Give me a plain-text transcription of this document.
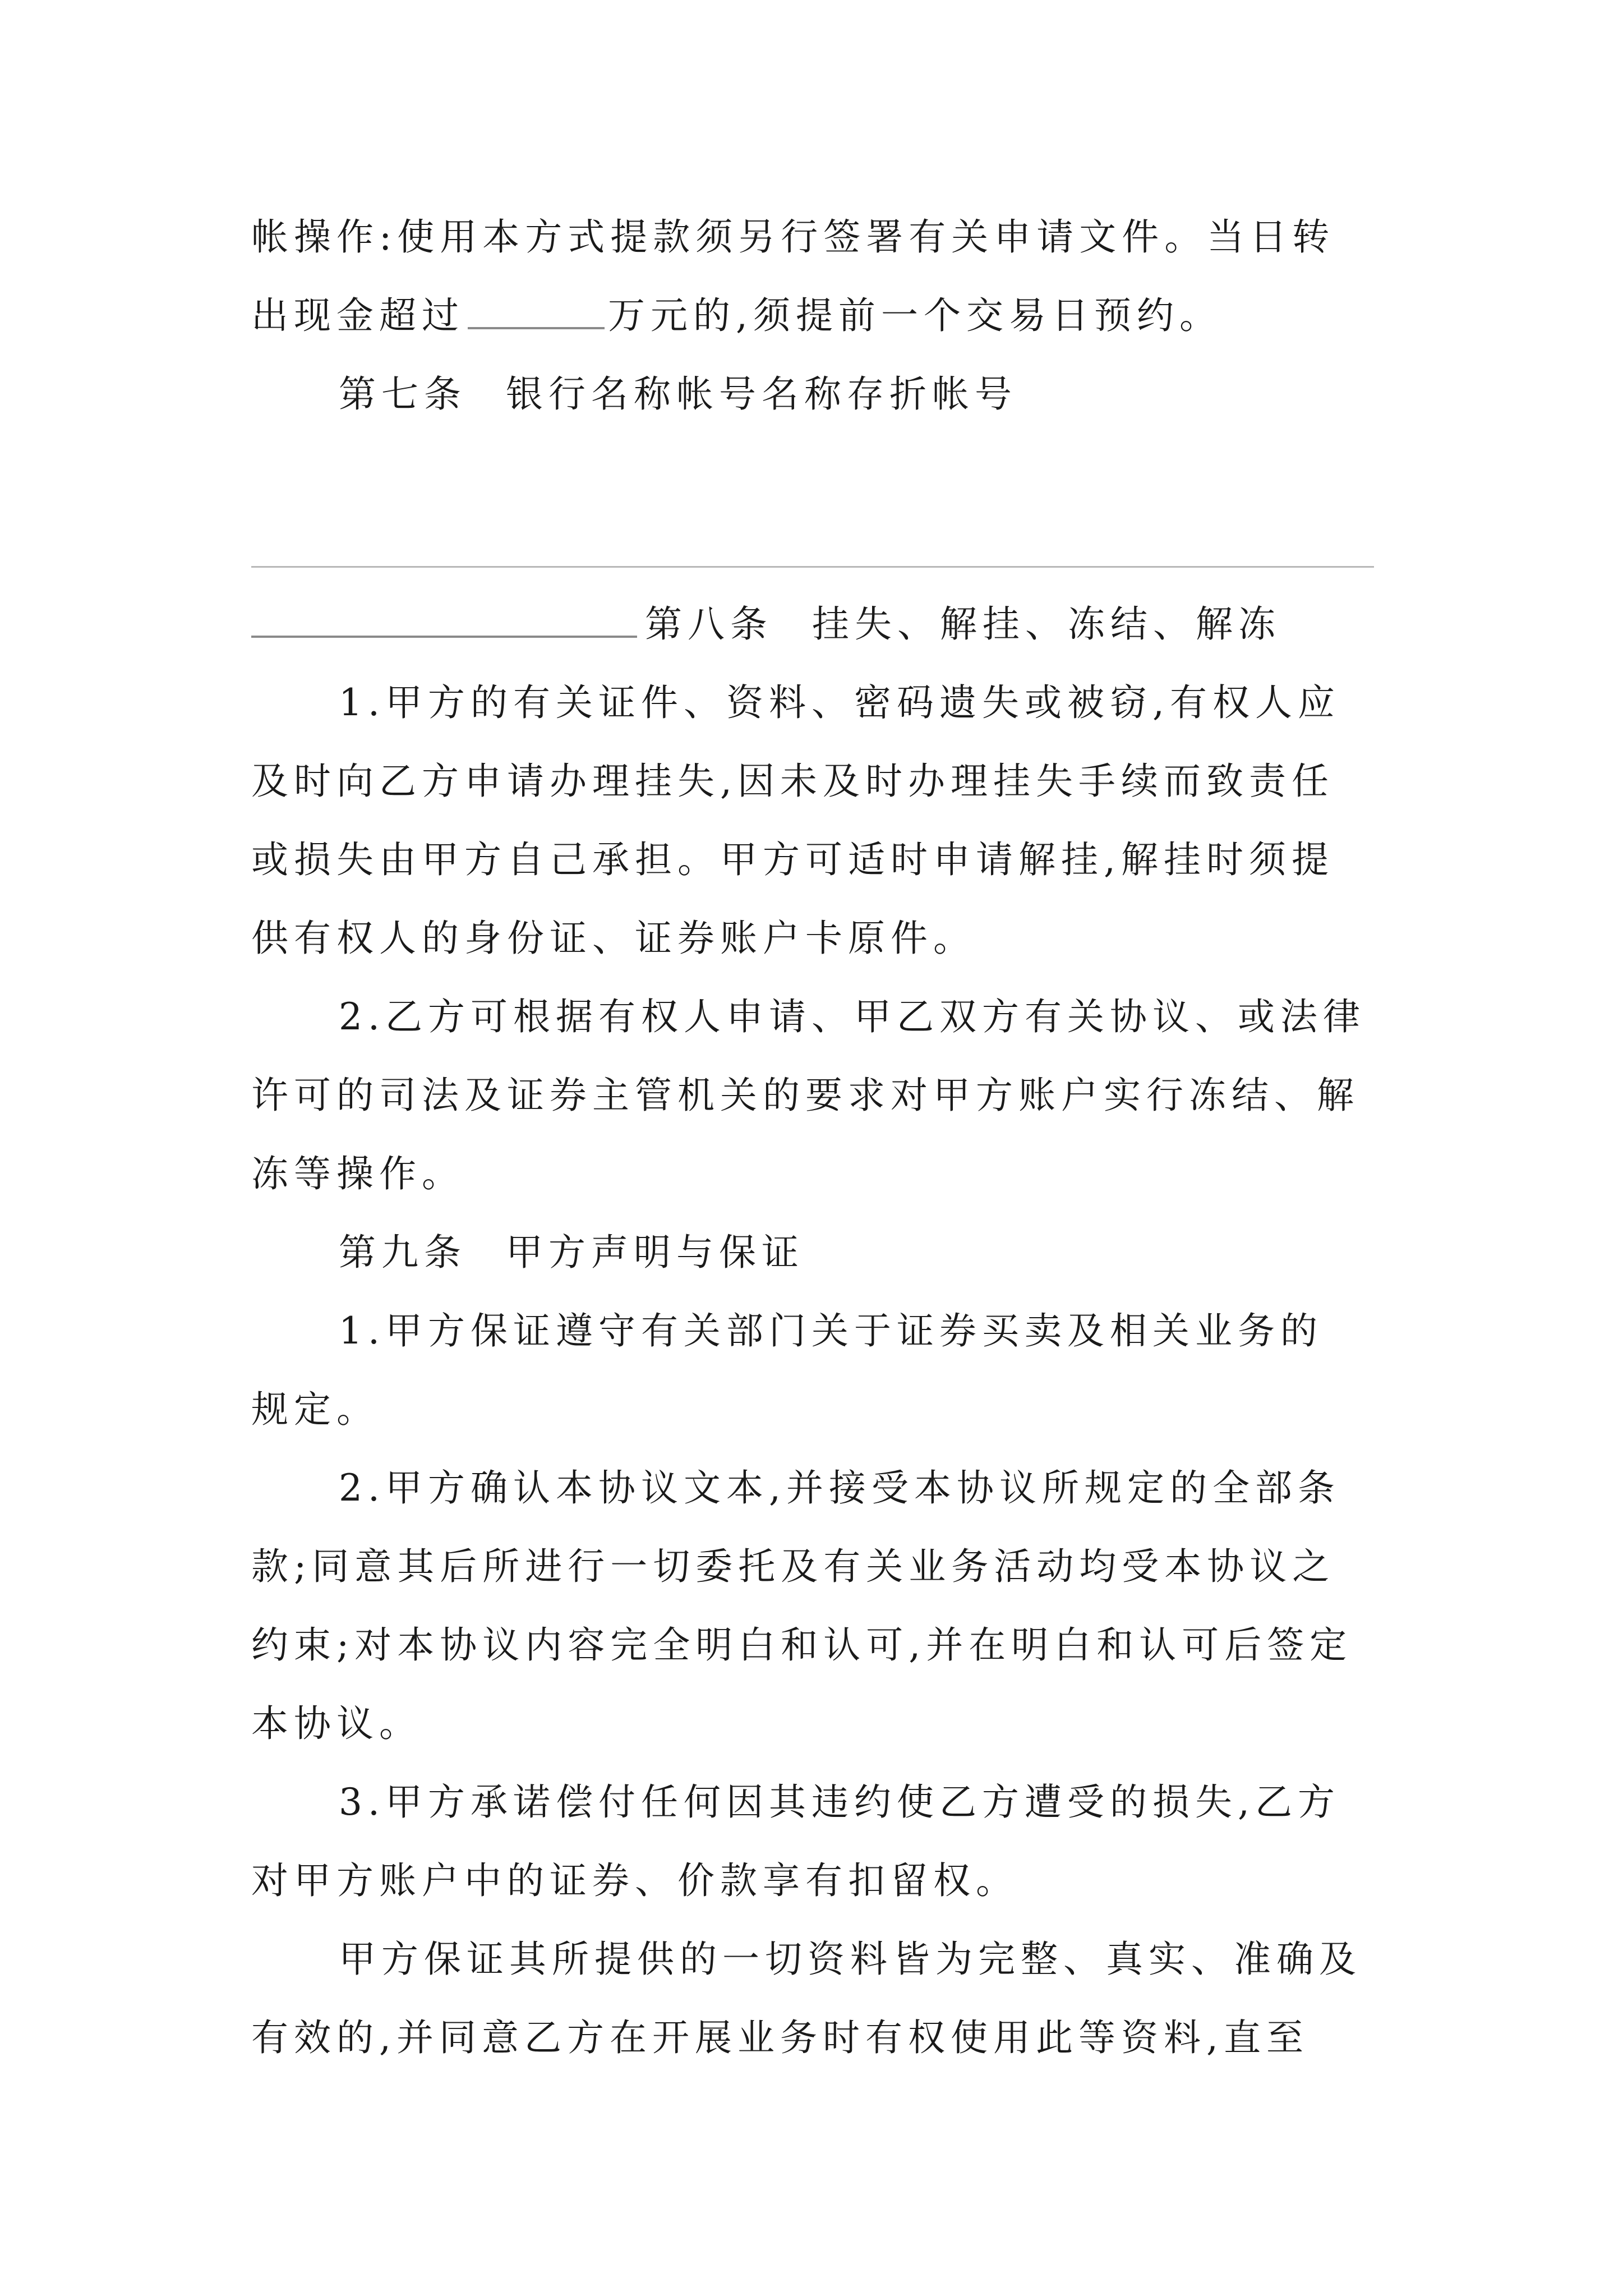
帐操作:使用本方式提款须另行签署有关申请文件。当日转
出现金超过	万元的,须提前一个交易日预约。
第七条 银行名称帐号名称存折帐号
第八条 挂失、解挂、冻结、解冻
1.甲方的有关证件、资料、密码遗失或被窃,有权人应
及时向乙方申请办理挂失,因未及时办理挂失手续而致责任
或损失由甲方自己承担。甲方可适时申请解挂,解挂时须提
供有权人的身份证、证券账户卡原件。
2.乙方可根据有权人申请、甲乙双方有关协议、或法律
许可的司法及证券主管机关的要求对甲方账户实行冻结、解
冻等操作。
第九条 甲方声明与保证
1.甲方保证遵守有关部门关于证券买卖及相关业务的
规定。
2.甲方确认本协议文本,并接受本协议所规定的全部条
款;同意其后所进行一切委托及有关业务活动均受本协议之
约束;对本协议内容完全明白和认可,并在明白和认可后签定
本协议。
3.甲方承诺偿付任何因其违约使乙方遭受的损失,乙方
对甲方账户中的证券、价款享有扣留权。
甲方保证其所提供的一切资料皆为完整、真实、准确及
有效的,并同意乙方在开展业务时有权使用此等资料,直至
